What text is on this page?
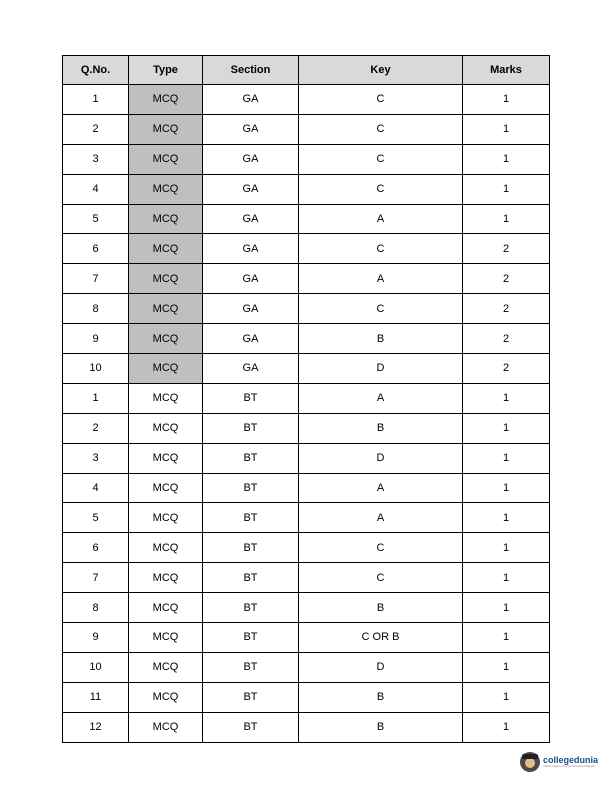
Q.No.	Type	Section	Key	Marks
1	MCQ	GA	C	1
2	MCQ	GA	C	1
3	MCQ	GA	C	1
4	MCQ	GA	C	1
5	MCQ	GA	A	1
6	MCQ	GA	C	2
7	MCQ	GA	A	2
8	MCQ	GA	C	2
9	MCQ	GA	B	2
10	MCQ	GA	D	2
1	MCQ	BT	A	1
2	MCQ	BT	B	1
3	MCQ	BT	D	1
4	MCQ	BT	A	1
5	MCQ	BT	A	1
6	MCQ	BT	C	1
7	MCQ	BT	C	1
8	MCQ	BT	B	1
9	MCQ	BT	C OR B	1
10	MCQ	BT	D	1
11	MCQ	BT	B	1
12	MCQ	BT	B	1
collegedunia
India's largest Student Review Platform
